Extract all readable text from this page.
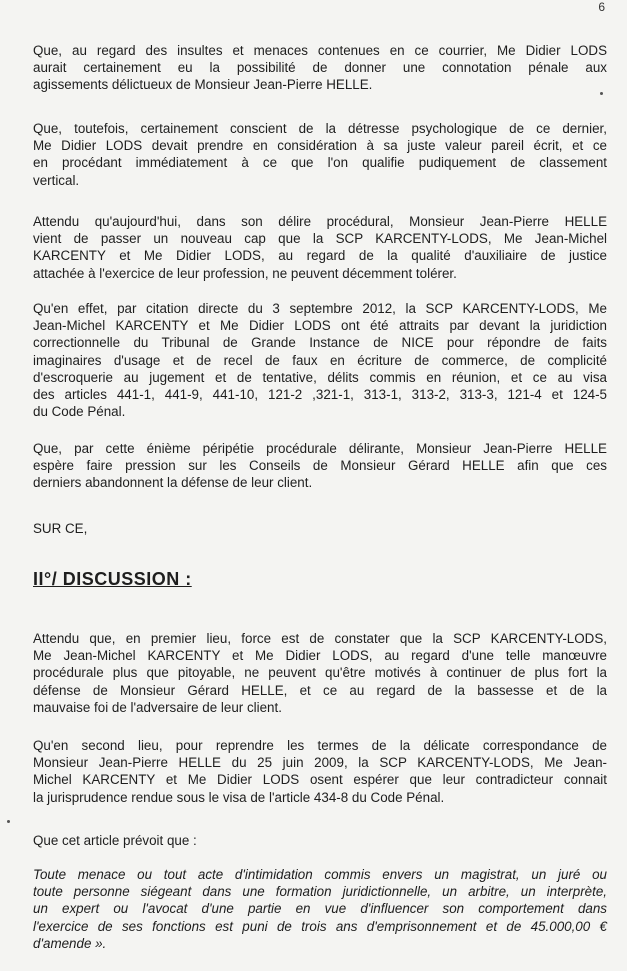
6

Que, au regard des insultes et menaces contenues en ce courrier, Me Didier LODS
aurait certainement eu la possibilité de donner une connotation pénale aux
agissements délictueux de Monsieur Jean-Pierre HELLE.

Que, toutefois, certainement conscient de la détresse psychologique de ce dernier,
Me Didier LODS devait prendre en considération à sa juste valeur pareil écrit, et ce
en procédant immédiatement à ce que l'on qualifie pudiquement de classement
vertical.

Attendu qu'aujourd'hui, dans son délire procédural, Monsieur Jean-Pierre HELLE
vient de passer un nouveau cap que la SCP KARCENTY-LODS, Me Jean-Michel
KARCENTY et Me Didier LODS, au regard de la qualité d'auxiliaire de justice
attachée à l'exercice de leur profession, ne peuvent décemment tolérer.

Qu'en effet, par citation directe du 3 septembre 2012, la SCP KARCENTY-LODS, Me
Jean-Michel KARCENTY et Me Didier LODS ont été attraits par devant la juridiction
correctionnelle du Tribunal de Grande Instance de NICE pour répondre de faits
imaginaires d'usage et de recel de faux en écriture de commerce, de complicité
d'escroquerie au jugement et de tentative, délits commis en réunion, et ce au visa
des articles 441-1, 441-9, 441-10, 121-2 ,321-1, 313-1, 313-2, 313-3, 121-4 et 124-5
du Code Pénal.

Que, par cette énième péripétie procédurale délirante, Monsieur Jean-Pierre HELLE
espère faire pression sur les Conseils de Monsieur Gérard HELLE afin que ces
derniers abandonnent la défense de leur client.

SUR CE,

II°/ DISCUSSION :

Attendu que, en premier lieu, force est de constater que la SCP KARCENTY-LODS,
Me Jean-Michel KARCENTY et Me Didier LODS, au regard d'une telle manœuvre
procédurale plus que pitoyable, ne peuvent qu'être motivés à continuer de plus fort la
défense de Monsieur Gérard HELLE, et ce au regard de la bassesse et de la
mauvaise foi de l'adversaire de leur client.

Qu'en second lieu, pour reprendre les termes de la délicate correspondance de
Monsieur Jean-Pierre HELLE du 25 juin 2009, la SCP KARCENTY-LODS, Me Jean-
Michel KARCENTY et Me Didier LODS osent espérer que leur contradicteur connait
la jurisprudence rendue sous le visa de l'article 434-8 du Code Pénal.

Que cet article prévoit que :

Toute menace ou tout acte d'intimidation commis envers un magistrat, un juré ou
toute personne siégeant dans une formation juridictionnelle, un arbitre, un interprète,
un expert ou l'avocat d'une partie en vue d'influencer son comportement dans
l'exercice de ses fonctions est puni de trois ans d'emprisonnement et de 45.000,00 €
d'amende ».
